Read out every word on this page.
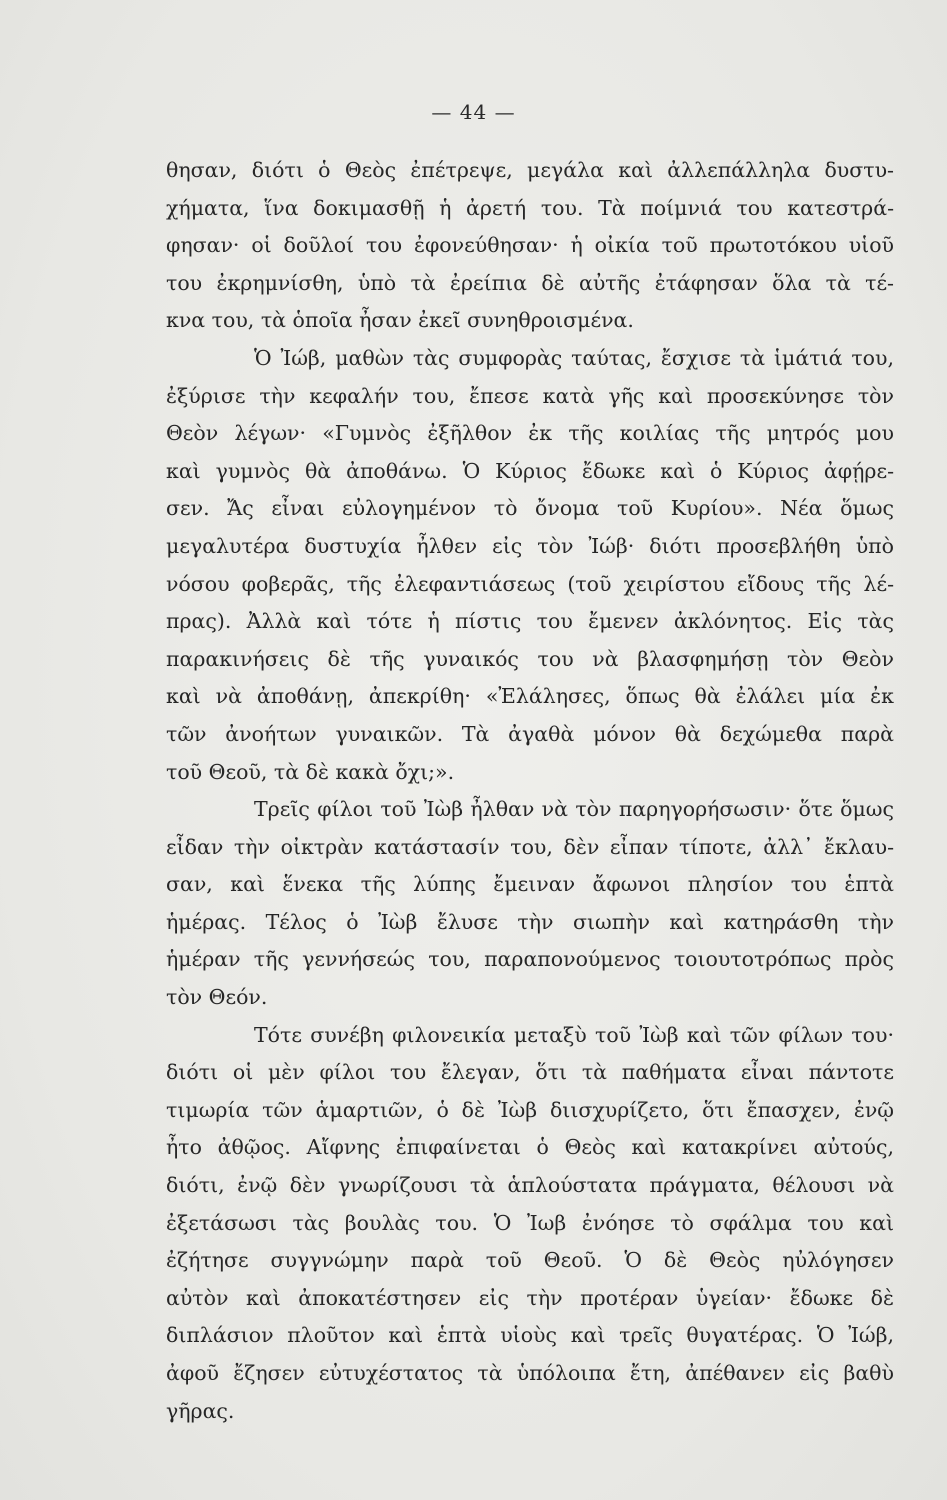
— 44 —
θησαν, διότι ὁ Θεὸς ἐπέτρεψε, μεγάλα καὶ ἀλλεπάλληλα δυστυ-
χήματα, ἵνα δοκιμασθῇ ἡ ἀρετή του. Τὰ ποίμνιά του κατεστρά-
φησαν· οἱ δοῦλοί του ἐφονεύθησαν· ἡ οἰκία τοῦ πρωτοτόκου υἱοῦ
του ἐκρημνίσθη, ὑπὸ τὰ ἐρείπια δὲ αὐτῆς ἐτάφησαν ὅλα τὰ τέ-
κνα του, τὰ ὁποῖα ἦσαν ἐκεῖ συνηθροισμένα.
Ὁ Ἰώβ, μαθὼν τὰς συμφορὰς ταύτας, ἔσχισε τὰ ἱμάτιά του,
ἐξύρισε τὴν κεφαλήν του, ἔπεσε κατὰ γῆς καὶ προσεκύνησε τὸν
Θεὸν λέγων· «Γυμνὸς ἐξῆλθον ἐκ τῆς κοιλίας τῆς μητρός μου
καὶ γυμνὸς θὰ ἀποθάνω. Ὁ Κύριος ἔδωκε καὶ ὁ Κύριος ἀφῄρε-
σεν. Ἄς εἶναι εὐλογημένον τὸ ὄνομα τοῦ Κυρίου». Νέα ὅμως
μεγαλυτέρα δυστυχία ἦλθεν εἰς τὸν Ἰώβ· διότι προσεβλήθη ὑπὸ
νόσου φοβερᾶς, τῆς ἐλεφαντιάσεως (τοῦ χειρίστου εἴδους τῆς λέ-
πρας). Ἀλλὰ καὶ τότε ἡ πίστις του ἔμενεν ἀκλόνητος. Εἰς τὰς
παρακινήσεις δὲ τῆς γυναικός του νὰ βλασφημήσῃ τὸν Θεὸν
καὶ νὰ ἀποθάνῃ, ἀπεκρίθη· «Ἐλάλησες, ὅπως θὰ ἐλάλει μία ἐκ
τῶν ἀνοήτων γυναικῶν. Τὰ ἀγαθὰ μόνον θὰ δεχώμεθα παρὰ
τοῦ Θεοῦ, τὰ δὲ κακὰ ὄχι;».
Τρεῖς φίλοι τοῦ Ἰὼβ ἦλθαν νὰ τὸν παρηγορήσωσιν· ὅτε ὅμως
εἶδαν τὴν οἰκτρὰν κατάστασίν του, δὲν εἶπαν τίποτε, ἀλλ᾽ ἔκλαυ-
σαν, καὶ ἕνεκα τῆς λύπης ἔμειναν ἄφωνοι πλησίον του ἑπτὰ
ἡμέρας. Τέλος ὁ Ἰὼβ ἔλυσε τὴν σιωπὴν καὶ κατηράσθη τὴν
ἡμέραν τῆς γεννήσεώς του, παραπονούμενος τοιουτοτρόπως πρὸς
τὸν Θεόν.
Τότε συνέβη φιλονεικία μεταξὺ τοῦ Ἰὼβ καὶ τῶν φίλων του·
διότι οἱ μὲν φίλοι του ἔλεγαν, ὅτι τὰ παθήματα εἶναι πάντοτε
τιμωρία τῶν ἁμαρτιῶν, ὁ δὲ Ἰὼβ διισχυρίζετο, ὅτι ἔπασχεν, ἐνῷ
ἦτο ἀθῷος. Αἴφνης ἐπιφαίνεται ὁ Θεὸς καὶ κατακρίνει αὐτούς,
διότι, ἐνῷ δὲν γνωρίζουσι τὰ ἁπλούστατα πράγματα, θέλουσι νὰ
ἐξετάσωσι τὰς βουλὰς του. Ὁ Ἰωβ ἐνόησε τὸ σφάλμα του καὶ
ἐζήτησε συγγνώμην παρὰ τοῦ Θεοῦ. Ὁ δὲ Θεὸς ηὐλόγησεν
αὐτὸν καὶ ἀποκατέστησεν εἰς τὴν προτέραν ὑγείαν· ἔδωκε δὲ
διπλάσιον πλοῦτον καὶ ἑπτὰ υἱοὺς καὶ τρεῖς θυγατέρας. Ὁ Ἰώβ,
ἀφοῦ ἔζησεν εὐτυχέστατος τὰ ὑπόλοιπα ἔτη, ἀπέθανεν εἰς βαθὺ
γῆρας.
